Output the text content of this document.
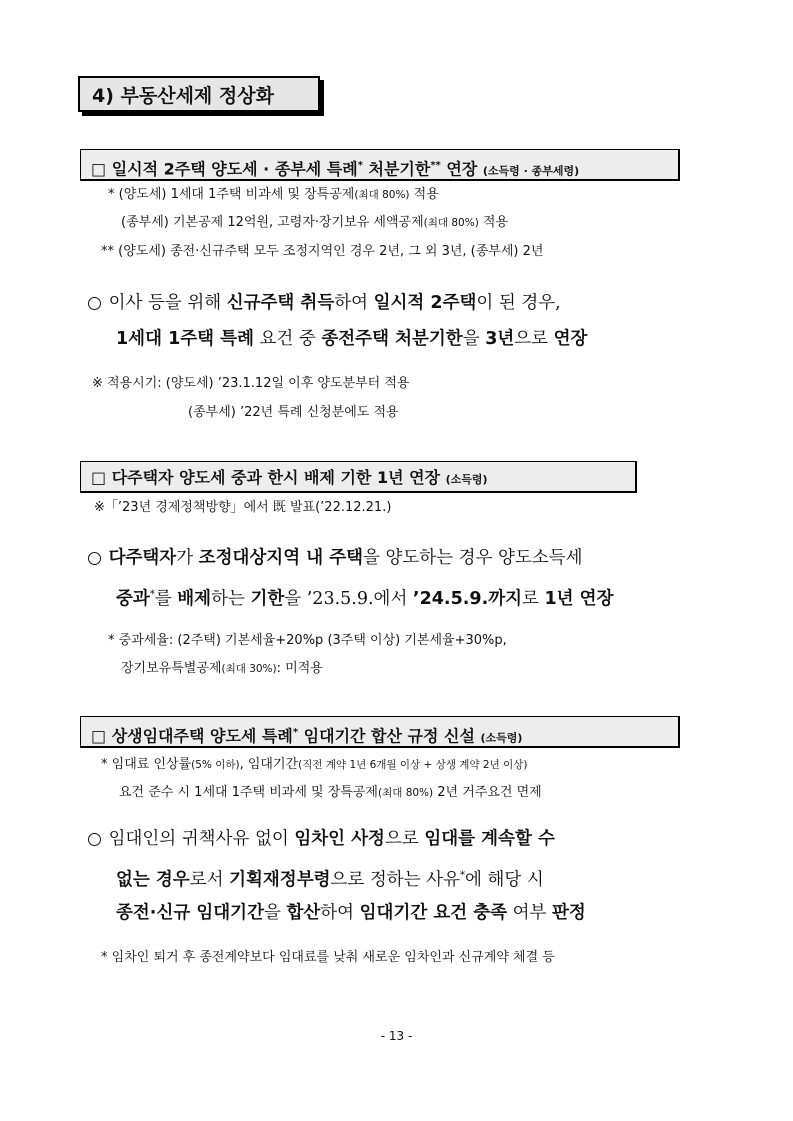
4) 부동산세제 정상화
□ 일시적 2주택 양도세 · 종부세 특례* 처분기한** 연장 (소득령 · 종부세령)
* (양도세) 1세대 1주택 비과세 및 장특공제(최대 80%) 적용
(종부세) 기본공제 12억원, 고령자·장기보유 세액공제(최대 80%) 적용
** (양도세) 종전·신규주택 모두 조정지역인 경우 2년, 그 외 3년, (종부세) 2년
이사 등을 위해 신규주택 취득하여 일시적 2주택이 된 경우,
1세대 1주택 특례 요건 중 종전주택 처분기한을 3년으로 연장
※ 적용시기: (양도세) ’23.1.12일 이후 양도분부터 적용
(종부세) ’22년 특례 신청분에도 적용
□ 다주택자 양도세 중과 한시 배제 기한 1년 연장 (소득령)
※「’23년 경제정책방향」에서 既 발표(’22.12.21.)
다주택자가 조정대상지역 내 주택을 양도하는 경우 양도소득세
중과*를 배제하는 기한을 ’23.5.9.에서 ’24.5.9.까지로 1년 연장
* 중과세율: (2주택) 기본세율+20%p (3주택 이상) 기본세율+30%p,
장기보유특별공제(최대 30%): 미적용
□ 상생임대주택 양도세 특례* 임대기간 합산 규정 신설 (소득령)
* 임대료 인상률(5% 이하), 임대기간(직전 계약 1년 6개월 이상 + 상생 계약 2년 이상)
요건 준수 시 1세대 1주택 비과세 및 장특공제(최대 80%) 2년 거주요건 면제
임대인의 귀책사유 없이 임차인 사정으로 임대를 계속할 수
없는 경우로서 기획재정부령으로 정하는 사유*에 해당 시
종전·신규 임대기간을 합산하여 임대기간 요건 충족 여부 판정
* 임차인 퇴거 후 종전계약보다 임대료를 낮춰 새로운 임차인과 신규계약 체결 등
- 13 -
